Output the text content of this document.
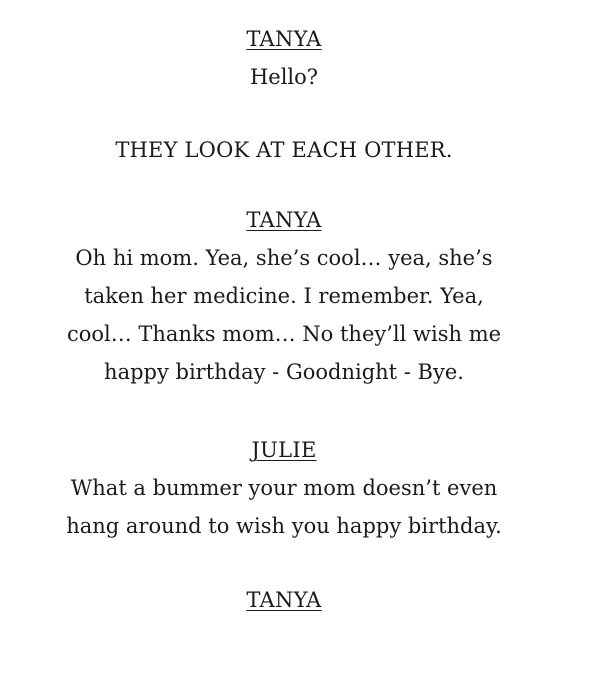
TANYA
Hello?
THEY LOOK AT EACH OTHER.
TANYA
Oh hi mom. Yea, she’s cool… yea, she’s
taken her medicine. I remember. Yea,
cool… Thanks mom… No they’ll wish me
happy birthday - Goodnight - Bye.
JULIE
What a bummer your mom doesn’t even
hang around to wish you happy birthday.
TANYA
